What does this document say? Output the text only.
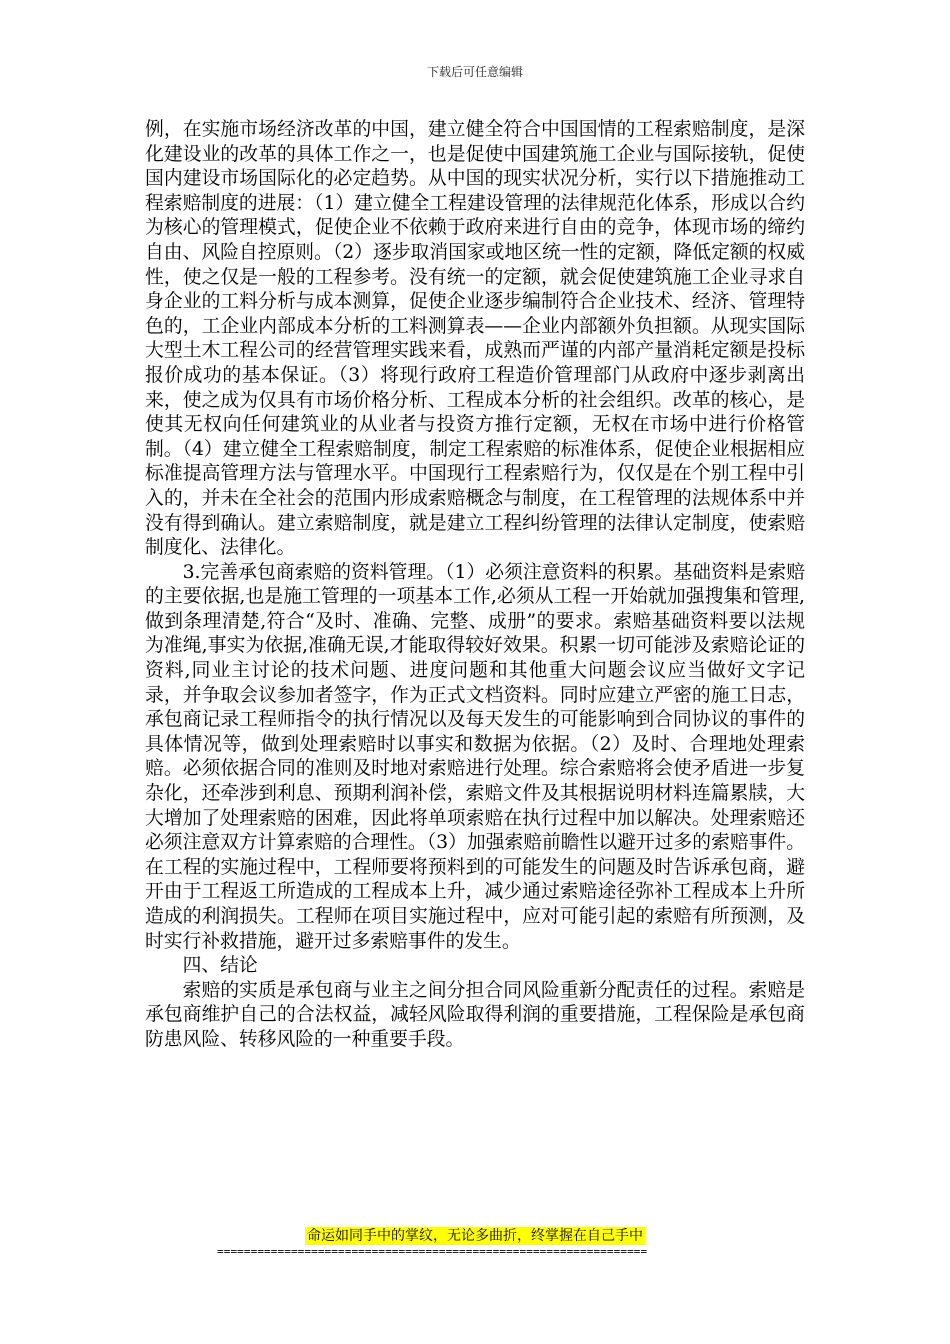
下载后可任意编辑

例，在实施市场经济改革的中国，建立健全符合中国国情的工程索赔制度，是深化建设业的改革的具体工作之一，也是促使中国建筑施工企业与国际接轨，促使国内建设市场国际化的必定趋势。从中国的现实状况分析，实行以下措施推动工程索赔制度的进展：（1）建立健全工程建设管理的法律规范化体系，形成以合约为核心的管理模式，促使企业不依赖于政府来进行自由的竞争，体现市场的缔约自由、风险自控原则。（2）逐步取消国家或地区统一性的定额，降低定额的权威性，使之仅是一般的工程参考。没有统一的定额，就会促使建筑施工企业寻求自身企业的工料分析与成本测算，促使企业逐步编制符合企业技术、经济、管理特色的，工企业内部成本分析的工料测算表——企业内部额外负担额。从现实国际大型土木工程公司的经营管理实践来看，成熟而严谨的内部产量消耗定额是投标报价成功的基本保证。（3）将现行政府工程造价管理部门从政府中逐步剥离出来，使之成为仅具有市场价格分析、工程成本分析的社会组织。改革的核心，是使其无权向任何建筑业的从业者与投资方推行定额，无权在市场中进行价格管制。（4）建立健全工程索赔制度，制定工程索赔的标准体系，促使企业根据相应标准提高管理方法与管理水平。中国现行工程索赔行为，仅仅是在个别工程中引入的，并未在全社会的范围内形成索赔概念与制度，在工程管理的法规体系中并没有得到确认。建立索赔制度，就是建立工程纠纷管理的法律认定制度，使索赔制度化、法律化。

3.完善承包商索赔的资料管理。（1）必须注意资料的积累。基础资料是索赔的主要依据,也是施工管理的一项基本工作,必须从工程一开始就加强搜集和管理,做到条理清楚,符合“及时、准确、完整、成册”的要求。索赔基础资料要以法规为准绳,事实为依据,准确无误,才能取得较好效果。积累一切可能涉及索赔论证的资料,同业主讨论的技术问题、进度问题和其他重大问题会议应当做好文字记录，并争取会议参加者签字，作为正式文档资料。同时应建立严密的施工日志，承包商记录工程师指令的执行情况以及每天发生的可能影响到合同协议的事件的具体情况等，做到处理索赔时以事实和数据为依据。（2）及时、合理地处理索赔。必须依据合同的准则及时地对索赔进行处理。综合索赔将会使矛盾进一步复杂化，还牵涉到利息、预期利润补偿，索赔文件及其根据说明材料连篇累牍，大大增加了处理索赔的困难，因此将单项索赔在执行过程中加以解决。处理索赔还必须注意双方计算索赔的合理性。（3）加强索赔前瞻性以避开过多的索赔事件。在工程的实施过程中，工程师要将预料到的可能发生的问题及时告诉承包商，避开由于工程返工所造成的工程成本上升，减少通过索赔途径弥补工程成本上升所造成的利润损失。工程师在项目实施过程中，应对可能引起的索赔有所预测，及时实行补救措施，避开过多索赔事件的发生。

四、结论

索赔的实质是承包商与业主之间分担合同风险重新分配责任的过程。索赔是承包商维护自己的合法权益，减轻风险取得利润的重要措施，工程保险是承包商防患风险、转移风险的一种重要手段。

命运如同手中的掌纹，无论多曲折，终掌握在自己手中
================================================================
